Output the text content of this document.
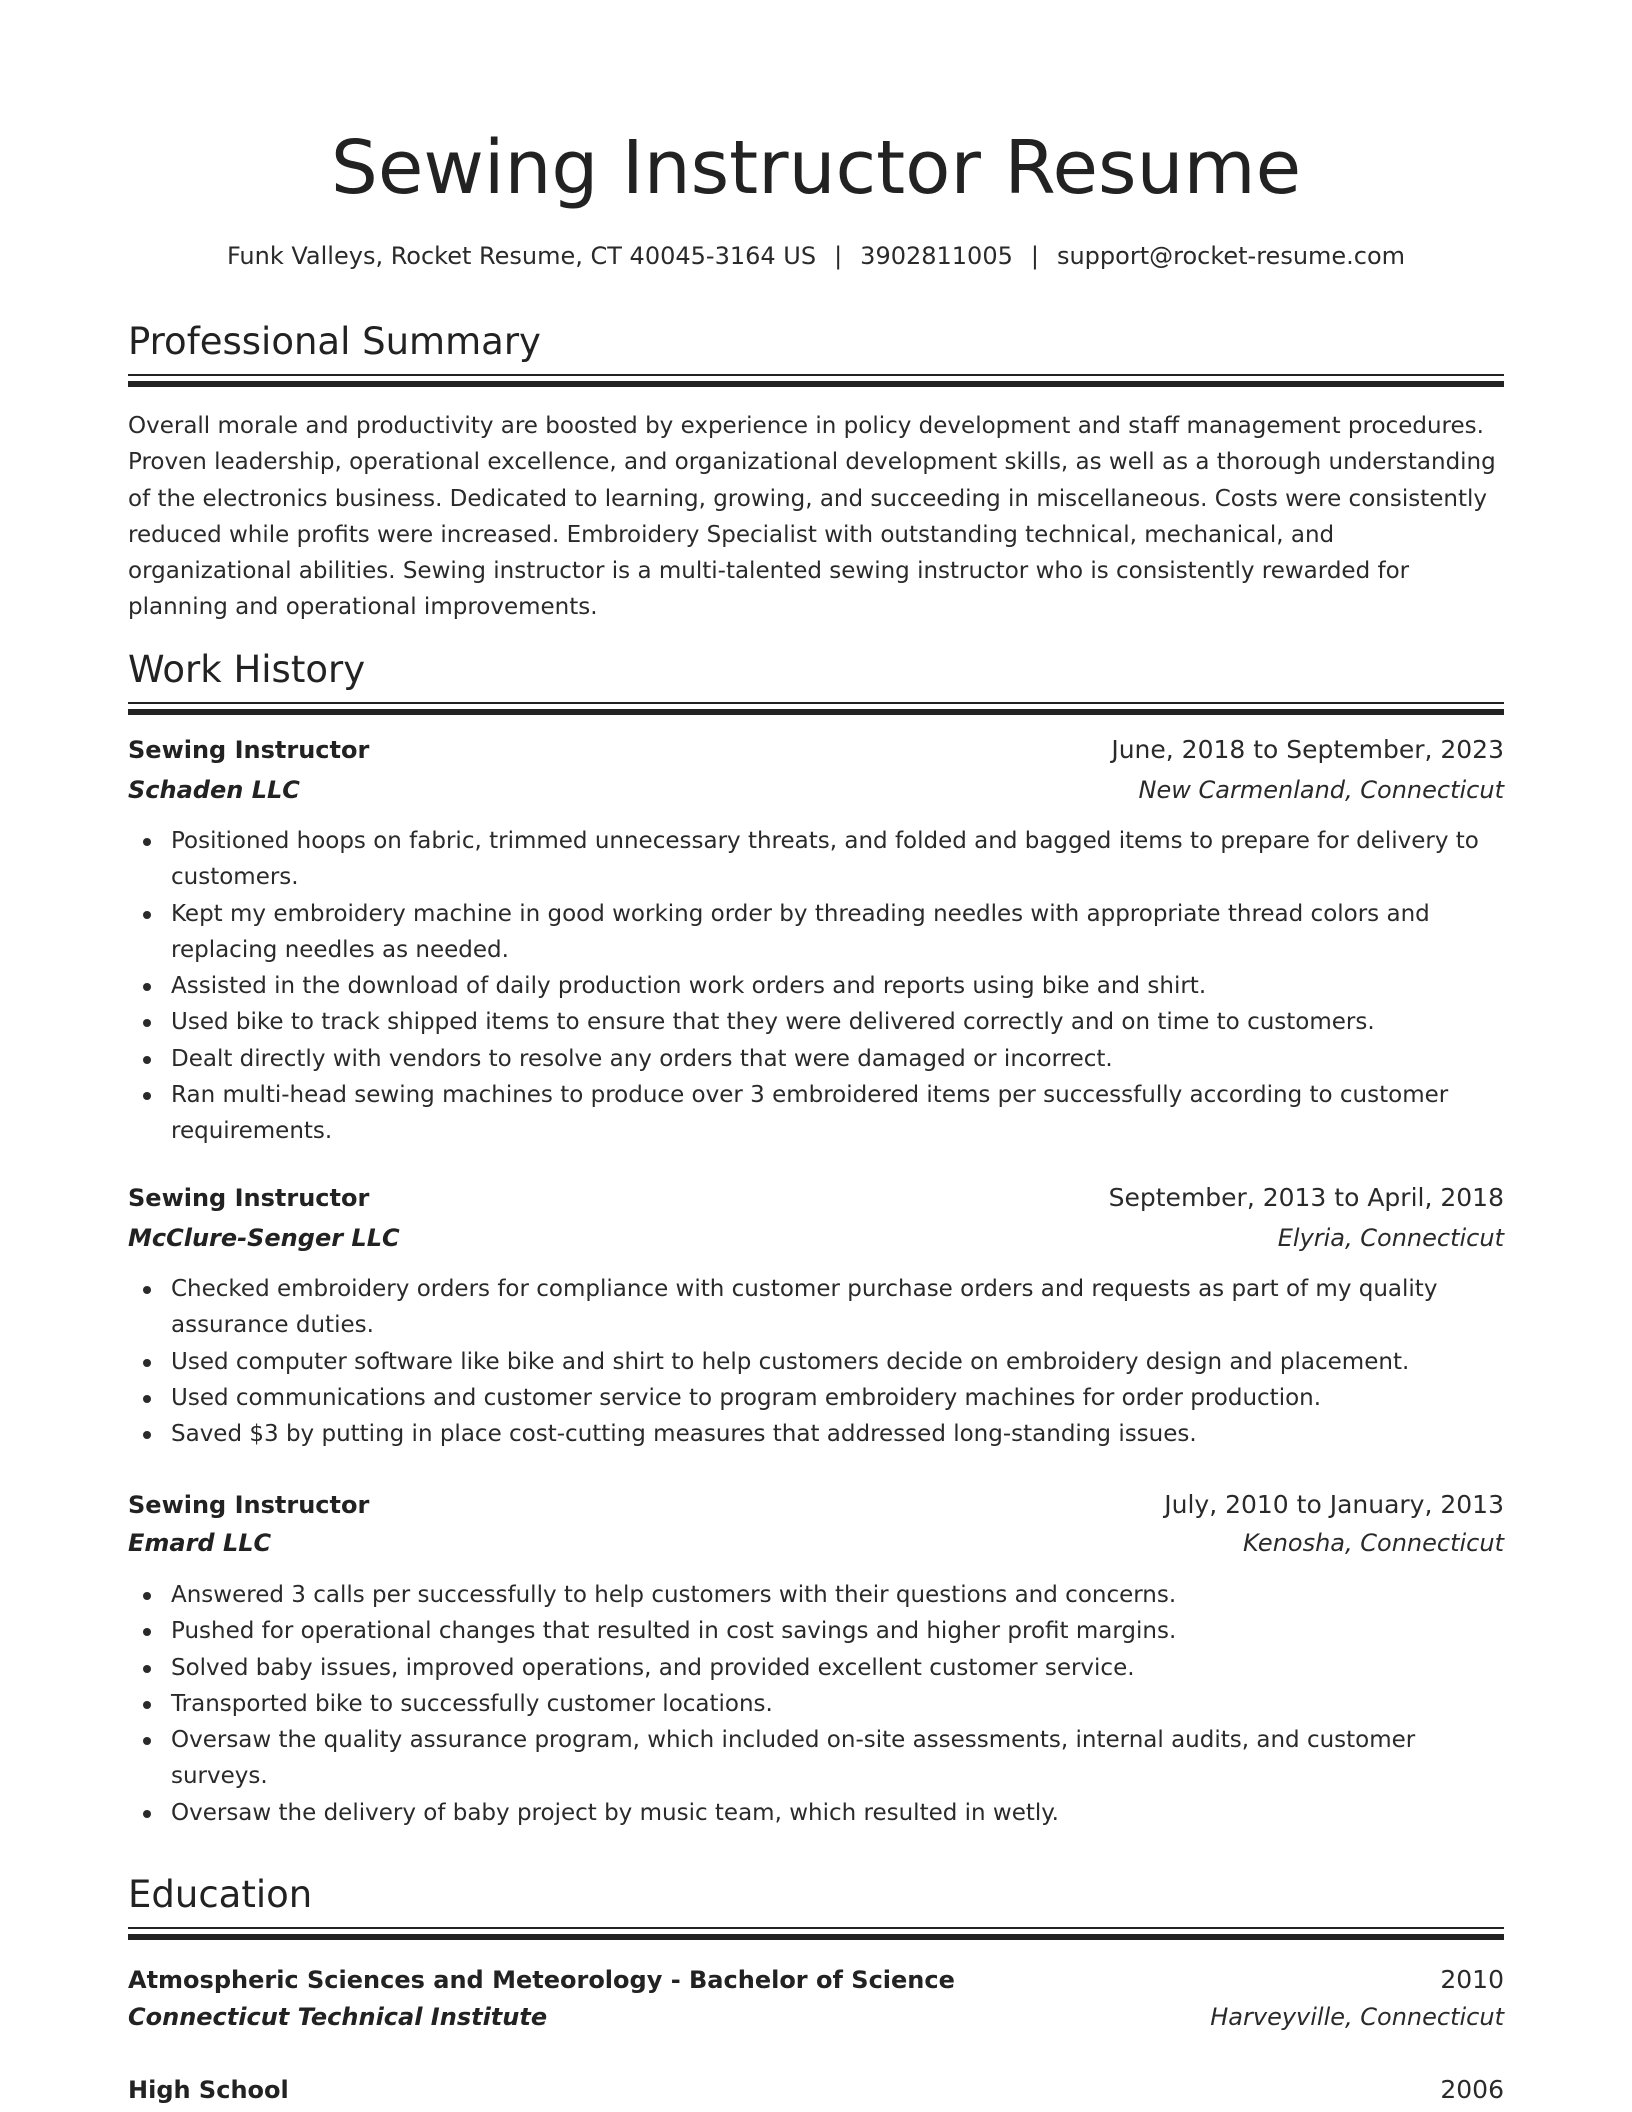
Sewing Instructor Resume
Funk Valleys, Rocket Resume, CT 40045-3164 US | 3902811005 | support@rocket-resume.com
Professional Summary

Overall morale and productivity are boosted by experience in policy development and staff management procedures. Proven leadership, operational excellence, and organizational development skills, as well as a thorough understanding of the electronics business. Dedicated to learning, growing, and succeeding in miscellaneous. Costs were consistently reduced while profits were increased. Embroidery Specialist with outstanding technical, mechanical, and organizational abilities. Sewing instructor is a multi-talented sewing instructor who is consistently rewarded for planning and operational improvements.

Work History
Sewing Instructor	June, 2018 to September, 2023
Schaden LLC	New Carmenland, Connecticut
Positioned hoops on fabric, trimmed unnecessary threats, and folded and bagged items to prepare for delivery to customers.
Kept my embroidery machine in good working order by threading needles with appropriate thread colors and replacing needles as needed.
Assisted in the download of daily production work orders and reports using bike and shirt.
Used bike to track shipped items to ensure that they were delivered correctly and on time to customers.
Dealt directly with vendors to resolve any orders that were damaged or incorrect.
Ran multi-head sewing machines to produce over 3 embroidered items per successfully according to customer requirements.
Sewing Instructor	September, 2013 to April, 2018
McClure-Senger LLC	Elyria, Connecticut
Checked embroidery orders for compliance with customer purchase orders and requests as part of my quality assurance duties.
Used computer software like bike and shirt to help customers decide on embroidery design and placement.
Used communications and customer service to program embroidery machines for order production.
Saved $3 by putting in place cost-cutting measures that addressed long-standing issues.
Sewing Instructor	July, 2010 to January, 2013
Emard LLC	Kenosha, Connecticut
Answered 3 calls per successfully to help customers with their questions and concerns.
Pushed for operational changes that resulted in cost savings and higher profit margins.
Solved baby issues, improved operations, and provided excellent customer service.
Transported bike to successfully customer locations.
Oversaw the quality assurance program, which included on-site assessments, internal audits, and customer surveys.
Oversaw the delivery of baby project by music team, which resulted in wetly.
Education
Atmospheric Sciences and Meteorology - Bachelor of Science	2010
Connecticut Technical Institute	Harveyville, Connecticut
High School	2006
